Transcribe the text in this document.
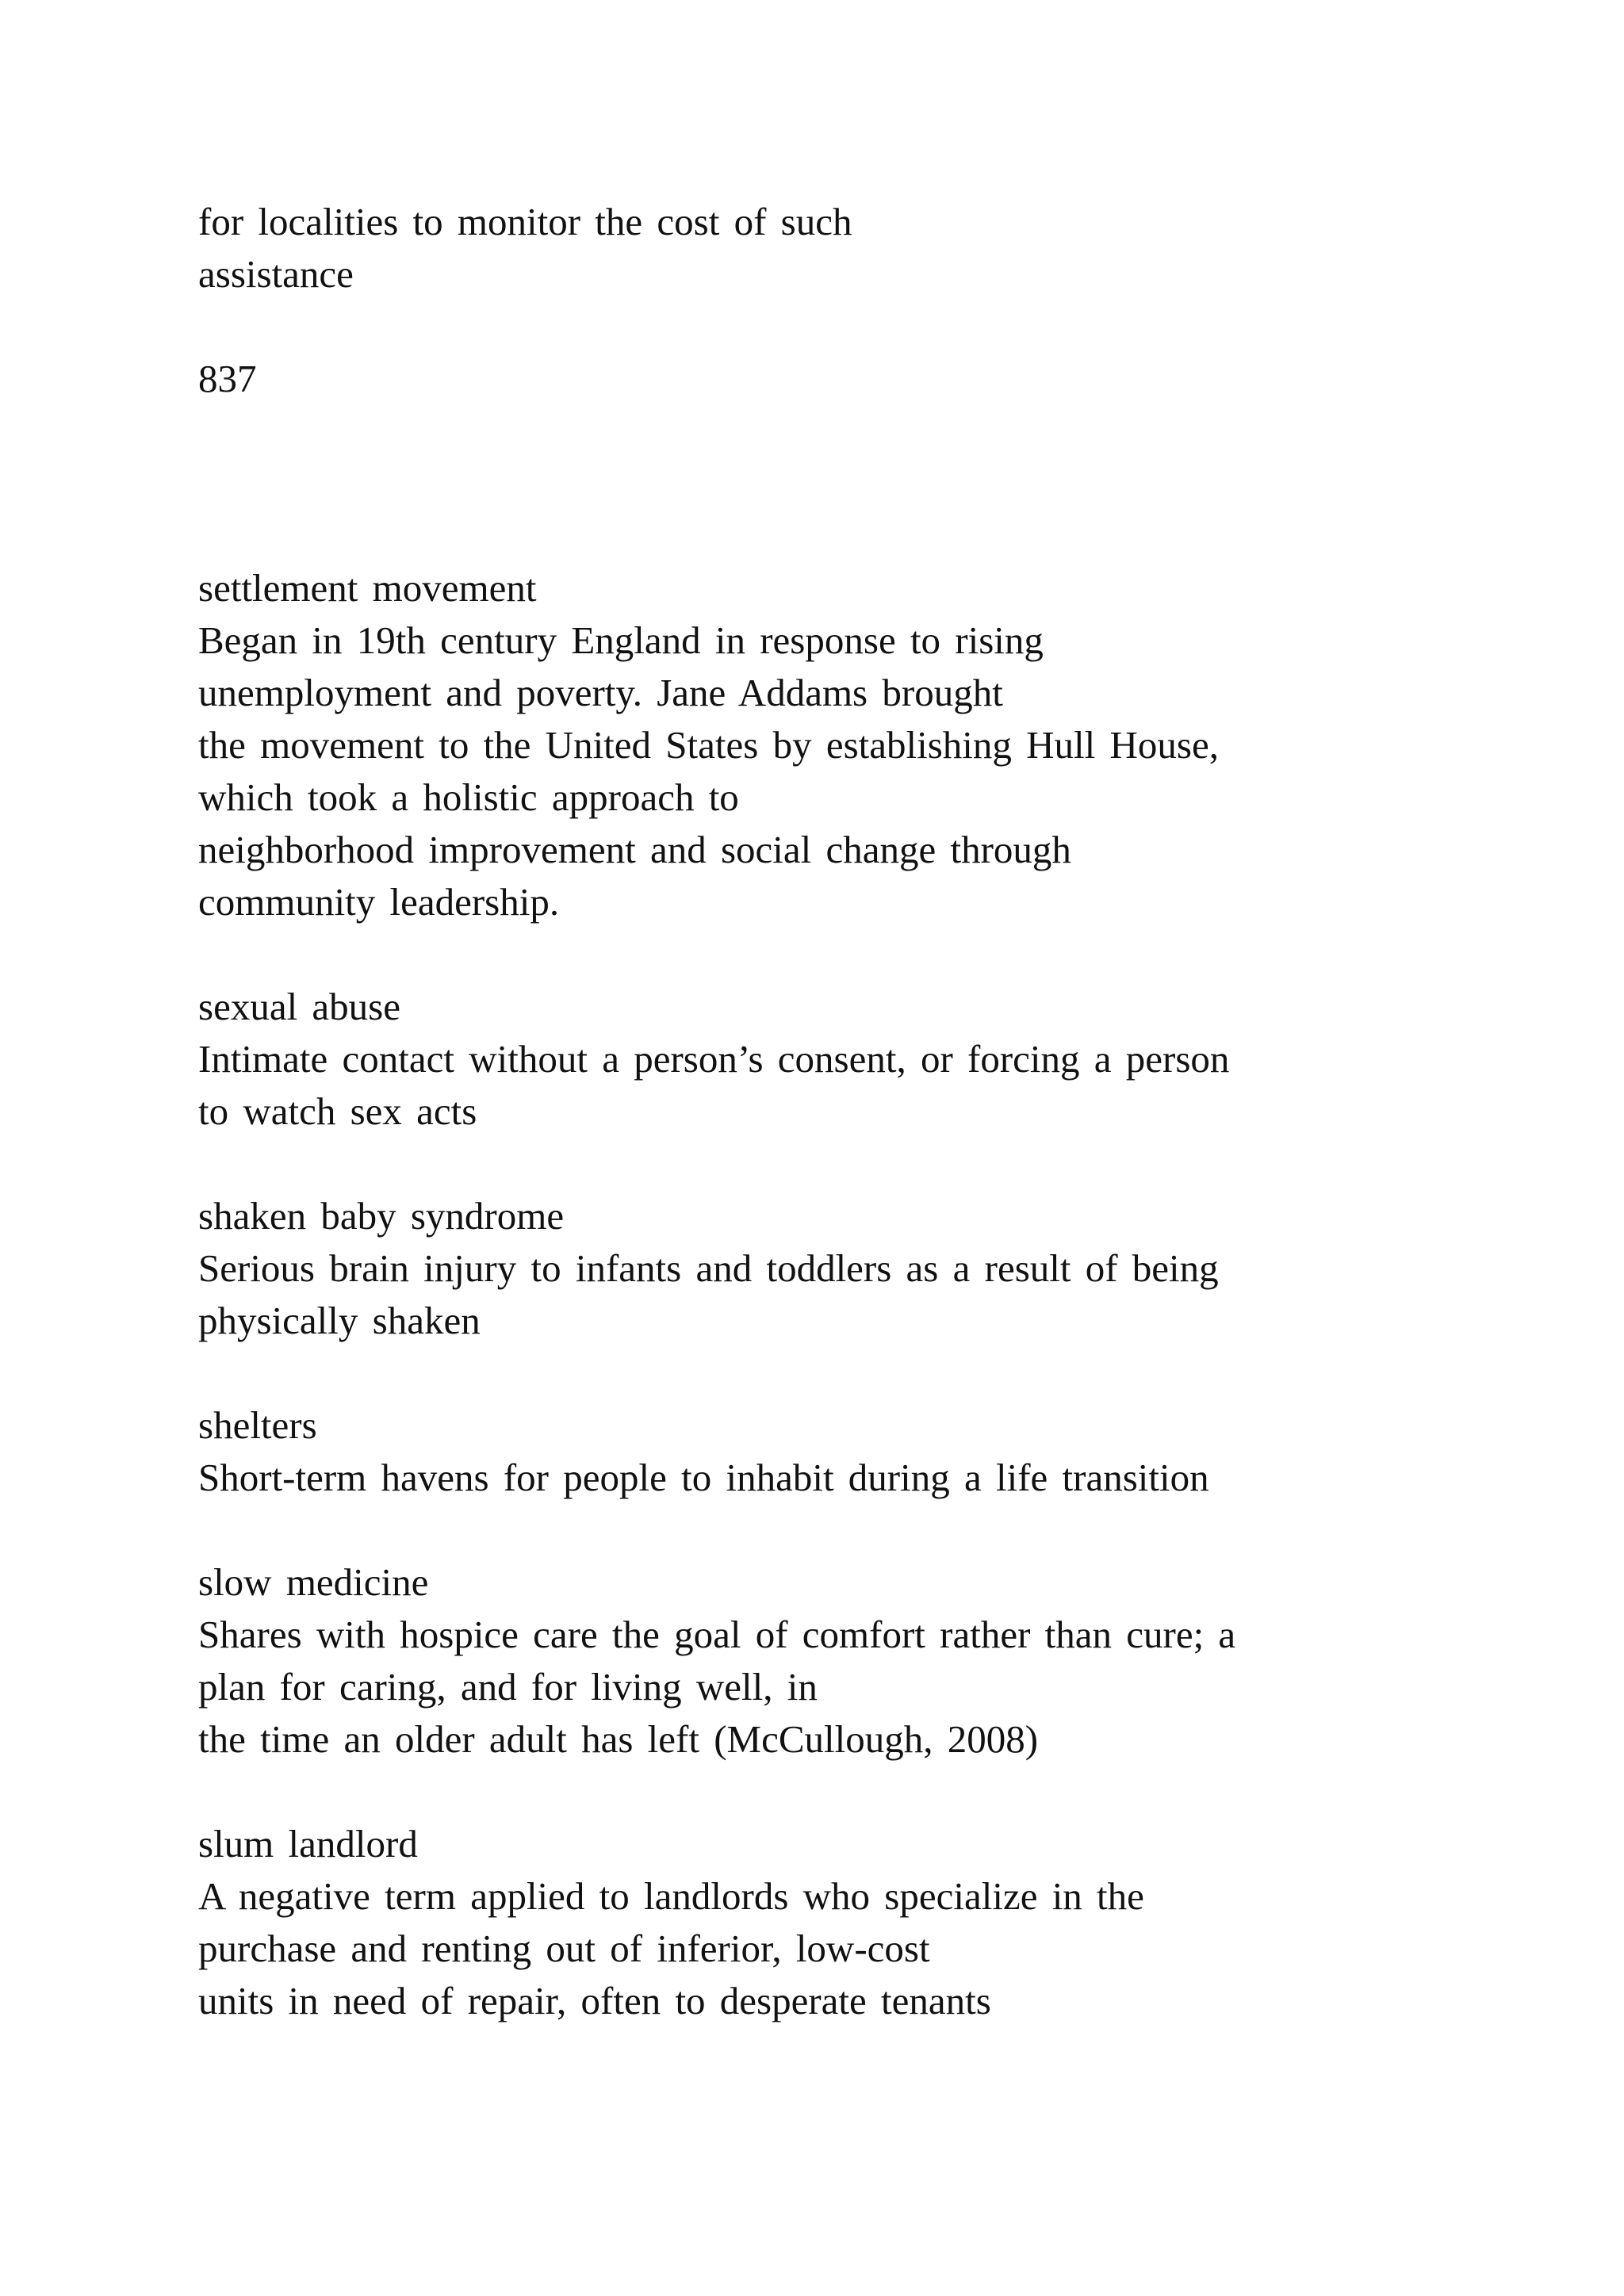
for localities to monitor the cost of such
assistance
837
settlement movement
Began in 19th century England in response to rising
unemployment and poverty. Jane Addams brought
the movement to the United States by establishing Hull House,
which took a holistic approach to
neighborhood improvement and social change through
community leadership.
sexual abuse
Intimate contact without a person’s consent, or forcing a person
to watch sex acts
shaken baby syndrome
Serious brain injury to infants and toddlers as a result of being
physically shaken
shelters
Short-term havens for people to inhabit during a life transition
slow medicine
Shares with hospice care the goal of comfort rather than cure; a
plan for caring, and for living well, in
the time an older adult has left (McCullough, 2008)
slum landlord
A negative term applied to landlords who specialize in the
purchase and renting out of inferior, low-cost
units in need of repair, often to desperate tenants
